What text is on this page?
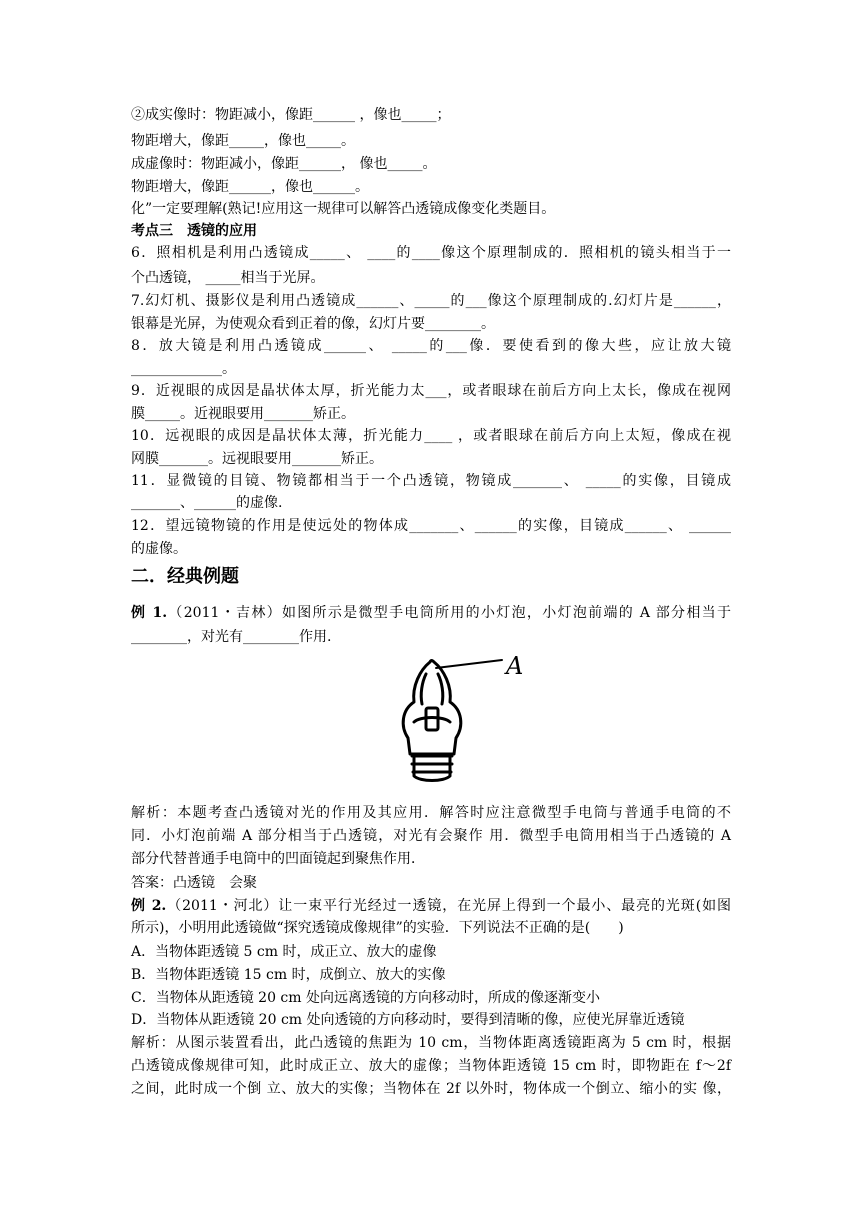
②成实像时：物距减小，像距______ ，像也_____；
物距增大，像距_____，像也_____。
成虚像时：物距减小，像距______， 像也_____。
物距增大，像距______，像也______。
化”一定要理解(熟记!应用这一规律可以解答凸透镜成像变化类题目。
考点三　透镜的应用
6．照相机是利用凸透镜成_____、 ____的____像这个原理制成的．照相机的镜头相当于一
个凸透镜， _____相当于光屏。
7.幻灯机、摄影仪是利用凸透镜成______、_____的___像这个原理制成的.幻灯片是______，
银幕是光屏，为使观众看到正着的像，幻灯片要________。
8．放大镜是利用凸透镜成______、 _____的___像．要使看到的像大些，应让放大镜
_____________。
9．近视眼的成因是晶状体太厚，折光能力太___，或者眼球在前后方向上太长，像成在视网
膜_____。近视眼要用_______矫正。
10．远视眼的成因是晶状体太薄，折光能力____ ，或者眼球在前后方向上太短，像成在视
网膜_______。远视眼要用_______矫正。
11．显微镜的目镜、物镜都相当于一个凸透镜，物镜成_______、 _____的实像，目镜成
_______、______的虚像.
12．望远镜物镜的作用是使远处的物体成_______、______的实像，目镜成______、 ______
的虚像。
二．经典例题
例 1.（2011・吉林）如图所示是微型手电筒所用的小灯泡，小灯泡前端的 A 部分相当于
________，对光有________作用.
A
解析：本题考查凸透镜对光的作用及其应用．解答时应注意微型手电筒与普通手电筒的不
同．小灯泡前端 A 部分相当于凸透镜，对光有会聚作 用．微型手电筒用相当于凸透镜的 A
部分代替普通手电筒中的凹面镜起到聚焦作用．
答案：凸透镜　会聚
例 2.（2011・河北）让一束平行光经过一透镜，在光屏上得到一个最小、最亮的光斑(如图
所示)，小明用此透镜做“探究透镜成像规律”的实验．下列说法不正确的是(　　)
A．当物体距透镜 5 cm 时，成正立、放大的虚像
B．当物体距透镜 15 cm 时，成倒立、放大的实像
C．当物体从距透镜 20 cm 处向远离透镜的方向移动时，所成的像逐渐变小
D．当物体从距透镜 20 cm 处向透镜的方向移动时，要得到清晰的像，应使光屏靠近透镜
解析：从图示装置看出，此凸透镜的焦距为 10 cm，当物体距离透镜距离为 5 cm 时，根据
凸透镜成像规律可知，此时成正立、放大的虚像；当物体距透镜 15 cm 时，即物距在 f～2f
之间，此时成一个倒 立、放大的实像；当物体在 2f 以外时，物体成一个倒立、缩小的实 像，
